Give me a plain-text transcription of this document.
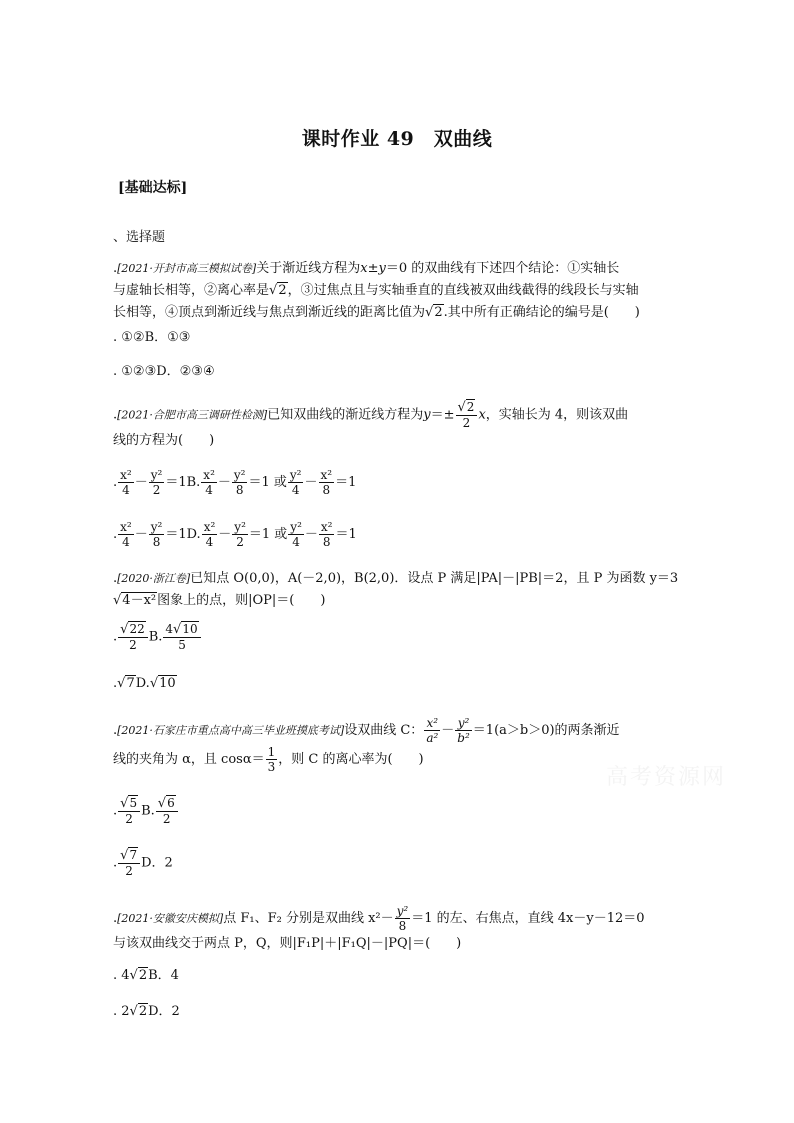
课时作业 49　双曲线
[基础达标]
、选择题
.[2021·开封市高三模拟试卷]关于渐近线方程为x±y＝0 的双曲线有下述四个结论：①实轴长
与虚轴长相等，②离心率是√2，③过焦点且与实轴垂直的直线被双曲线截得的线段长与实轴
长相等，④顶点到渐近线与焦点到渐近线的距离比值为√2.其中所有正确结论的编号是(　　)
. ①②B．①③
. ①②③D．②③④
.[2021·合肥市高三调研性检测]已知双曲线的渐近线方程为$y=\pm \frac{√2}{2}$ x，实轴长为 4，则该双曲
线的方程为(　　)
. $\frac{\text{x²}}{4} - \frac{\text{y²}}{2} =1B$. $\frac{\text{x²}}{4} - \frac{\text{y²}}{8} =1$ 或 $\frac{\text{y²}}{4} - \frac{\text{x²}}{8} =1$
. $\frac{\text{x²}}{4} - \frac{\text{y²}}{8} =1D$. $\frac{\text{x²}}{4} - \frac{\text{y²}}{2} =1$ 或 $\frac{\text{y²}}{4} - \frac{\text{x²}}{8} =1$
.[2020·浙江卷]已知点 O(0,0)，A(－2,0)，B(2,0)．设点 P 满足|PA|－|PB|＝2，且 P 为函数 y＝3
√4－x²图象上的点，则|OP|＝(　　)
. $\frac{√22}{2} B$. $\frac{4√10}{5}$
.√7D.√10
.[2021·石家庄市重点高中高三毕业班摸底考试]设双曲线 C： $\frac{\text{x²}}{\text{a²}} - \frac{\text{y²}}{\text{b²}} =1(a>b>0)$的两条渐近
线的夹角为 α，且 $\cos\alpha= \frac{1}{3}$ ，则 C 的离心率为(　　)
. $\frac{√5}{2} B$. $\frac{√6}{2}$
. $\frac{√7}{2}$ D．2
.[2021·安徽安庆模拟]点 F₁、F₂ 分别是双曲线 $x^2- \frac{\text{y²}}{8} =1$ 的左、右焦点，直线 4x－y－12＝0
与该双曲线交于两点 P，Q，则|F₁P|＋|F₁Q|－|PQ|＝(　　)
. 4√2B．4
. 2√2D．2
高考资源网
